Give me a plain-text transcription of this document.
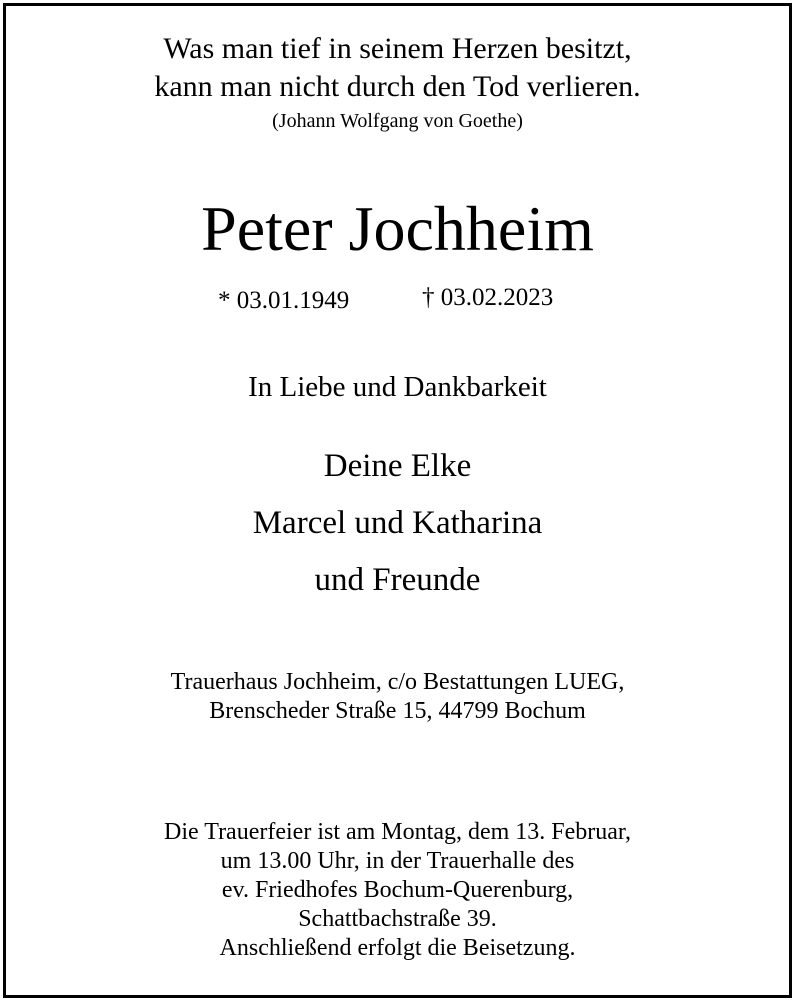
Was man tief in seinem Herzen besitzt,
kann man nicht durch den Tod verlieren.
(Johann Wolfgang von Goethe)
Peter Jochheim
* 03.01.1949	† 03.02.2023
In Liebe und Dankbarkeit
Deine Elke
Marcel und Katharina
und Freunde
Trauerhaus Jochheim, c/o Bestattungen LUEG,
Brenscheder Straße 15, 44799 Bochum
Die Trauerfeier ist am Montag, dem 13. Februar,
um 13.00 Uhr, in der Trauerhalle des
ev. Friedhofes Bochum-Querenburg,
Schattbachstraße 39.
Anschließend erfolgt die Beisetzung.
